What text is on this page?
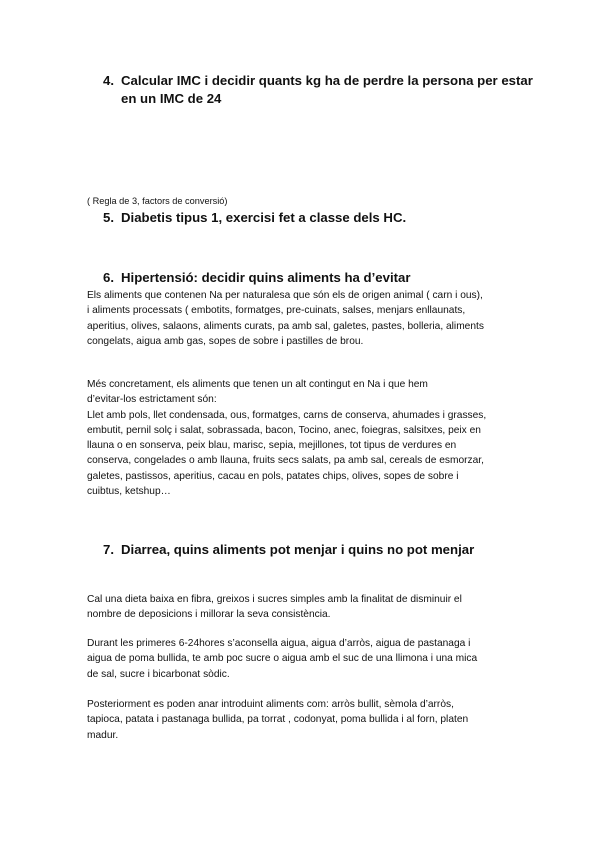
4. Calcular IMC i decidir quants kg ha de perdre la persona per estar
en un IMC de 24
( Regla de 3, factors de conversió)
5. Diabetis tipus 1, exercisi fet a classe dels HC.
6. Hipertensió: decidir quins aliments ha d’evitar
Els aliments que contenen Na per naturalesa que són els de origen animal ( carn i ous),
i aliments processats ( embotits, formatges, pre-cuinats, salses, menjars enllaunats,
aperitius, olives, salaons, aliments curats, pa amb sal, galetes, pastes, bolleria, aliments
congelats, aigua amb gas, sopes de sobre i pastilles de brou.
Més concretament, els aliments que tenen un alt contingut en Na i que hem
d’evitar-los estrictament són:
Llet amb pols, llet condensada, ous, formatges, carns de conserva, ahumades i grasses,
embutit, pernil solç i salat, sobrassada, bacon, Tocino, anec, foiegras, salsitxes, peix en
llauna o en sonserva, peix blau, marisc, sepia, mejillones, tot tipus de verdures en
conserva, congelades o amb llauna, fruits secs salats, pa amb sal, cereals de esmorzar,
galetes, pastissos, aperitius, cacau en pols, patates chips, olives, sopes de sobre i
cuibtus, ketshup…
7. Diarrea, quins aliments pot menjar i quins no pot menjar
Cal una dieta baixa en fibra, greixos i sucres simples amb la finalitat de disminuir el
nombre de deposicions i millorar la seva consistència.
Durant les primeres 6-24hores s’aconsella aigua, aigua d’arròs, aigua de pastanaga i
aigua de poma bullida, te amb poc sucre o aigua amb el suc de una llimona i una mica
de sal, sucre i bicarbonat sòdic.
Posteriorment es poden anar introduint aliments com: arròs bullit, sèmola d’arròs,
tapioca, patata i pastanaga bullida, pa torrat , codonyat, poma bullida i al forn, platen
madur.
